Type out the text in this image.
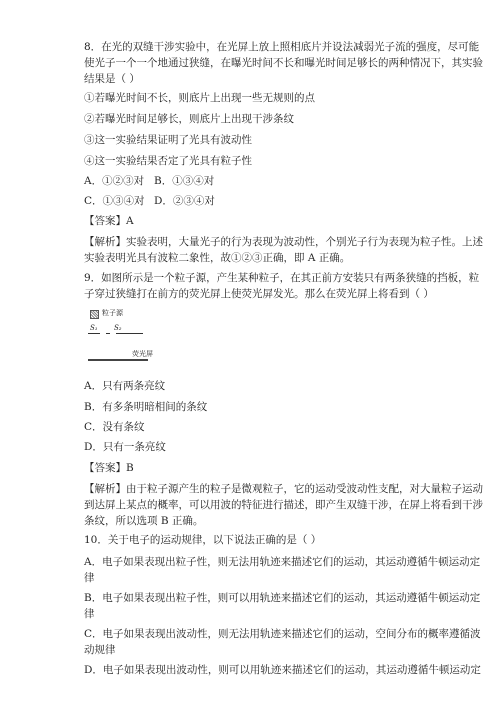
8．在光的双缝干涉实验中，在光屏上放上照相底片并设法减弱光子流的强度，尽可能
使光子一个一个地通过狭缝，在曝光时间不长和曝光时间足够长的两种情况下，其实验
结果是（ ）
①若曝光时间不长，则底片上出现一些无规则的点
②若曝光时间足够长，则底片上出现干涉条纹
③这一实验结果证明了光具有波动性
④这一实验结果否定了光具有粒子性
A．①②③对 B．①③④对
C．①③④对 D．②③④对
【答案】A
【解析】实验表明，大量光子的行为表现为波动性，个别光子行为表现为粒子性。上述
实验表明光具有波粒二象性，故①②③正确，即 A 正确。
9．如图所示是一个粒子源，产生某种粒子，在其正前方安装只有两条狭缝的挡板，粒
子穿过狭缝打在前方的荧光屏上使荧光屏发光。那么在荧光屏上将看到（ ）
粒子源
S₁ S₂
荧光屏
A．只有两条亮纹
B．有多条明暗相间的条纹
C．没有条纹
D．只有一条亮纹
【答案】B
【解析】由于粒子源产生的粒子是微观粒子，它的运动受波动性支配，对大量粒子运动
到达屏上某点的概率，可以用波的特征进行描述，即产生双缝干涉，在屏上将看到干涉
条纹，所以选项 B 正确。
10．关于电子的运动规律，以下说法正确的是（ ）
A．电子如果表现出粒子性，则无法用轨迹来描述它们的运动，其运动遵循牛顿运动定
律
B．电子如果表现出粒子性，则可以用轨迹来描述它们的运动，其运动遵循牛顿运动定
律
C．电子如果表现出波动性，则无法用轨迹来描述它们的运动，空间分布的概率遵循波
动规律
D．电子如果表现出波动性，则可以用轨迹来描述它们的运动，其运动遵循牛顿运动定
